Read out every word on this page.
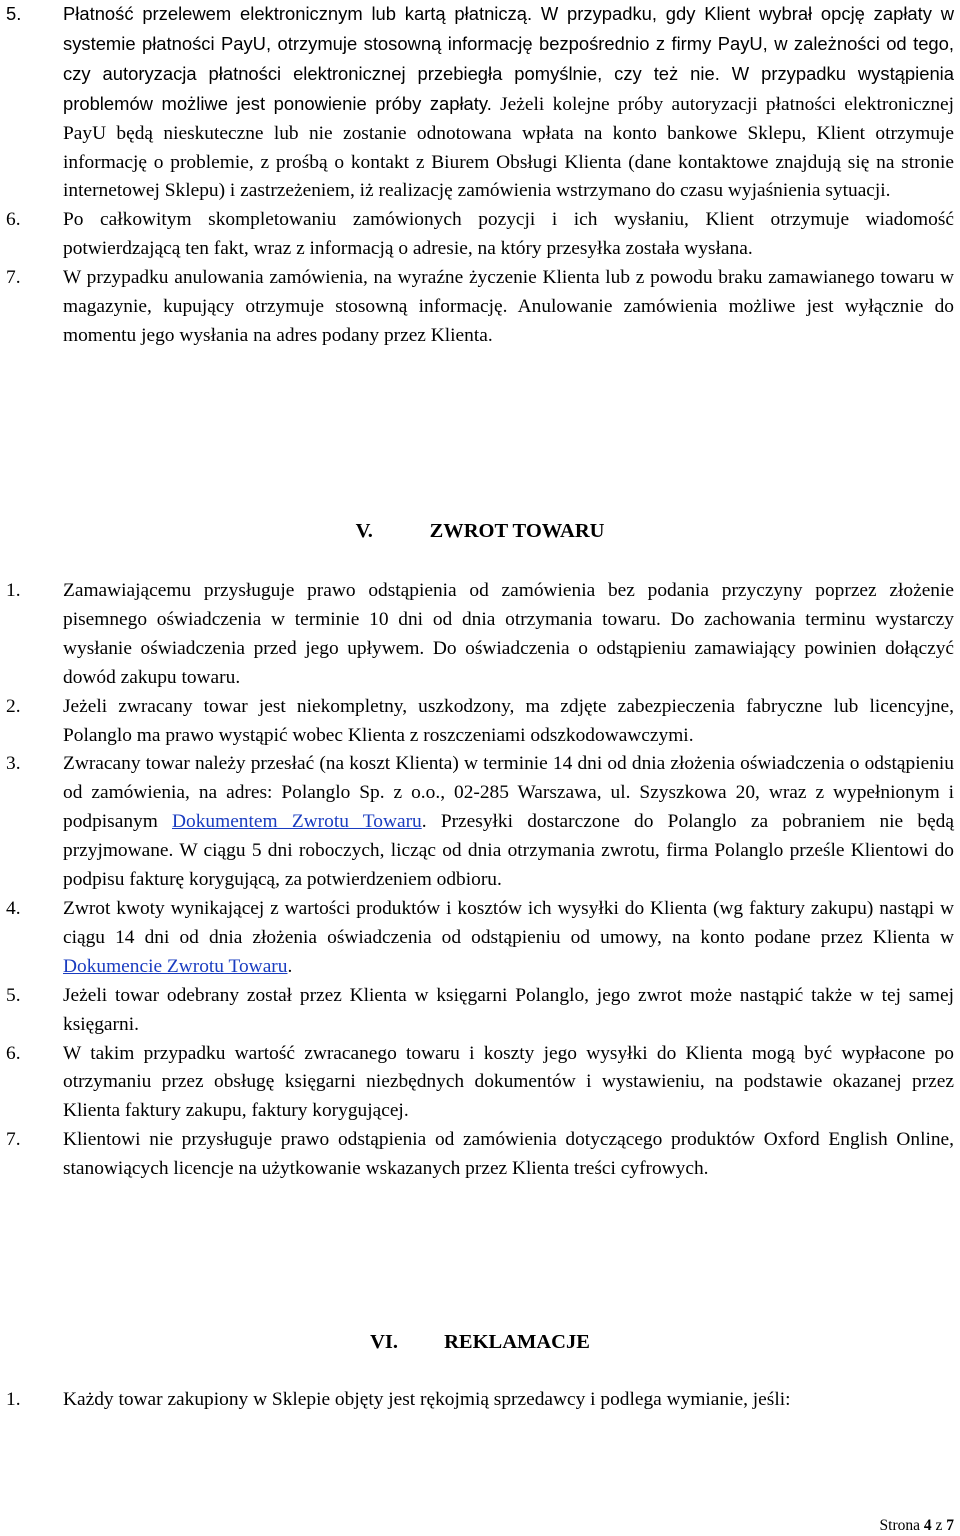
5. Płatność przelewem elektronicznym lub kartą płatniczą. W przypadku, gdy Klient wybrał opcję zapłaty w systemie płatności PayU, otrzymuje stosowną informację bezpośrednio z firmy PayU, w zależności od tego, czy autoryzacja płatności elektronicznej przebiegła pomyślnie, czy też nie. W przypadku wystąpienia problemów możliwe jest ponowienie próby zapłaty. Jeżeli kolejne próby autoryzacji płatności elektronicznej PayU będą nieskuteczne lub nie zostanie odnotowana wpłata na konto bankowe Sklepu, Klient otrzymuje informację o problemie, z prośbą o kontakt z Biurem Obsługi Klienta (dane kontaktowe znajdują się na stronie internetowej Sklepu) i zastrzeżeniem, iż realizację zamówienia wstrzymano do czasu wyjaśnienia sytuacji.
6. Po całkowitym skompletowaniu zamówionych pozycji i ich wysłaniu, Klient otrzymuje wiadomość potwierdzającą ten fakt, wraz z informacją o adresie, na który przesyłka została wysłana.
7. W przypadku anulowania zamówienia, na wyraźne życzenie Klienta lub z powodu braku zamawianego towaru w magazynie, kupujący otrzymuje stosowną informację. Anulowanie zamówienia możliwe jest wyłącznie do momentu jego wysłania na adres podany przez Klienta.
V.	ZWROT TOWARU
1. Zamawiającemu przysługuje prawo odstąpienia od zamówienia bez podania przyczyny poprzez złożenie pisemnego oświadczenia w terminie 10 dni od dnia otrzymania towaru. Do zachowania terminu wystarczy wysłanie oświadczenia przed jego upływem. Do oświadczenia o odstąpieniu zamawiający powinien dołączyć dowód zakupu towaru.
2. Jeżeli zwracany towar jest niekompletny, uszkodzony, ma zdjęte zabezpieczenia fabryczne lub licencyjne, Polanglo ma prawo wystąpić wobec Klienta z roszczeniami odszkodowawczymi.
3. Zwracany towar należy przesłać (na koszt Klienta) w terminie 14 dni od dnia złożenia oświadczenia o odstąpieniu od zamówienia, na adres: Polanglo Sp. z o.o., 02-285 Warszawa, ul. Szyszkowa 20, wraz z wypełnionym i podpisanym Dokumentem Zwrotu Towaru. Przesyłki dostarczone do Polanglo za pobraniem nie będą przyjmowane. W ciągu 5 dni roboczych, licząc od dnia otrzymania zwrotu, firma Polanglo prześle Klientowi do podpisu fakturę korygującą, za potwierdzeniem odbioru.
4. Zwrot kwoty wynikającej z wartości produktów i kosztów ich wysyłki do Klienta (wg faktury zakupu) nastąpi w ciągu 14 dni od dnia złożenia oświadczenia od odstąpieniu od umowy, na konto podane przez Klienta w Dokumencie Zwrotu Towaru.
5. Jeżeli towar odebrany został przez Klienta w księgarni Polanglo, jego zwrot może nastąpić także w tej samej księgarni.
6. W takim przypadku wartość zwracanego towaru i koszty jego wysyłki do Klienta mogą być wypłacone po otrzymaniu przez obsługę księgarni niezbędnych dokumentów i wystawieniu, na podstawie okazanej przez Klienta faktury zakupu, faktury korygującej.
7. Klientowi nie przysługuje prawo odstąpienia od zamówienia dotyczącego produktów Oxford English Online, stanowiących licencje na użytkowanie wskazanych przez Klienta treści cyfrowych.
VI. REKLAMACJE
1. Każdy towar zakupiony w Sklepie objęty jest rękojmią sprzedawcy i podlega wymianie, jeśli:
Strona 4 z 7
